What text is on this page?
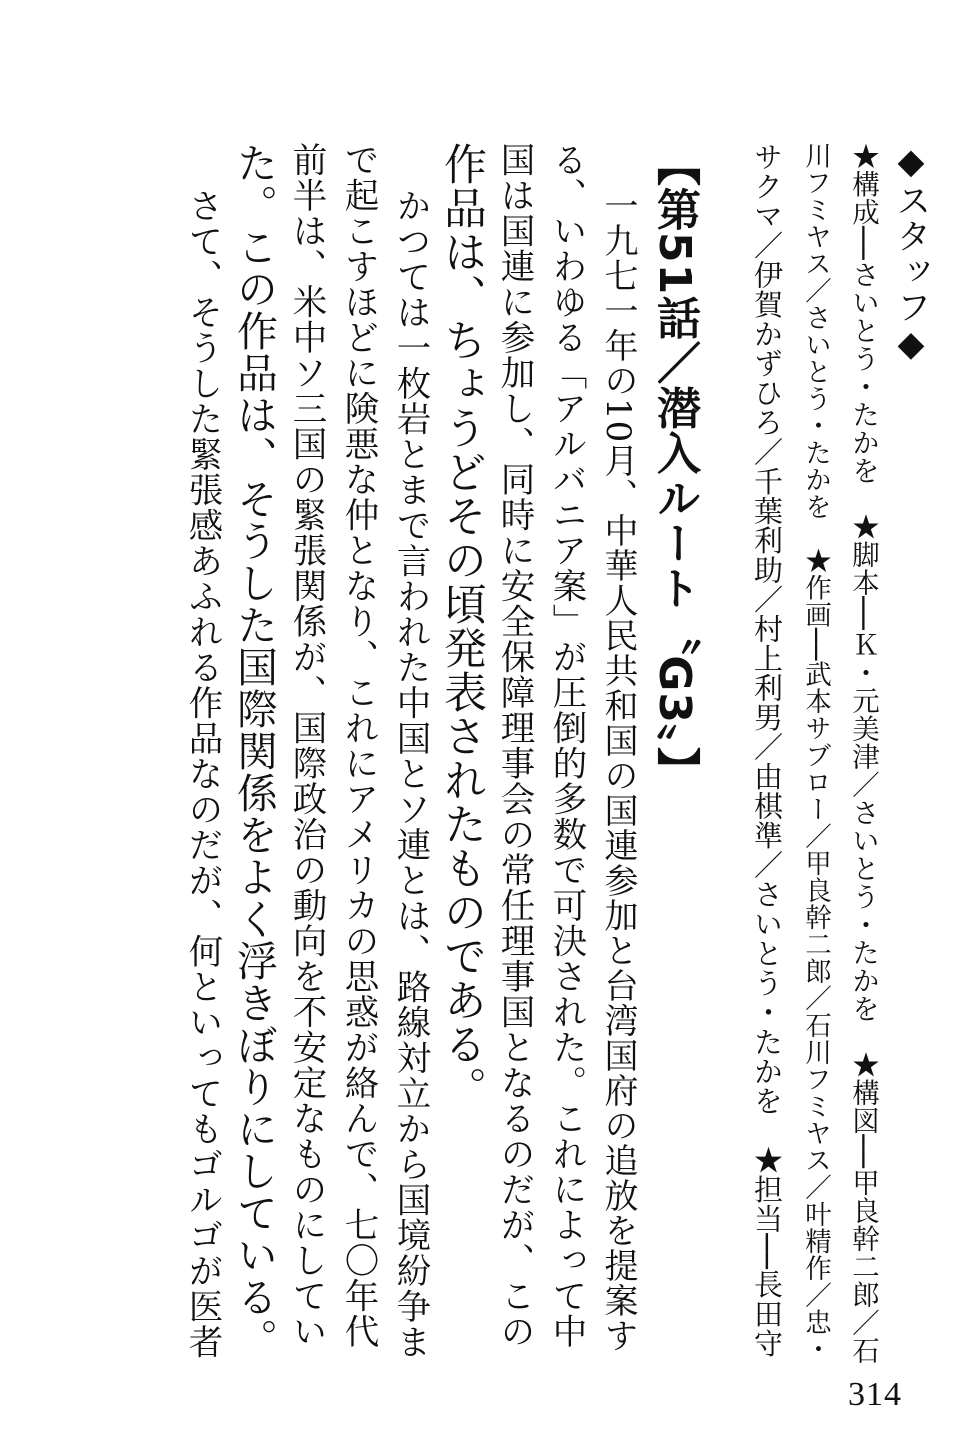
◆スタッフ◆
★構成──さいとう・たかを　★脚本──Ｋ・元美津／さいとう・たかを　★構図──甲良幹二郎／石
川フミヤス／さいとう・たかを　★作画──武本サブロー／甲良幹二郎／石川フミヤス／叶精作／忠・
サクマ／伊賀かずひろ／千葉利助／村上利男／由棋準／さいとう・たかを　★担当──長田守
【第51話／潜入ルート〝G3〟】
一九七一年の10月、中華人民共和国の国連参加と台湾国府の追放を提案す
る、いわゆる「アルバニア案」が圧倒的多数で可決された。これによって中
国は国連に参加し、同時に安全保障理事会の常任理事国となるのだが、この
作品は、ちょうどその頃発表されたものである。
かつては一枚岩とまで言われた中国とソ連とは、路線対立から国境紛争ま
で起こすほどに険悪な仲となり、これにアメリカの思惑が絡んで、七〇年代
前半は、米中ソ三国の緊張関係が、国際政治の動向を不安定なものにしてい
た。この作品は、そうした国際関係をよく浮きぼりにしている。
さて、そうした緊張感あふれる作品なのだが、何といってもゴルゴが医者
314
